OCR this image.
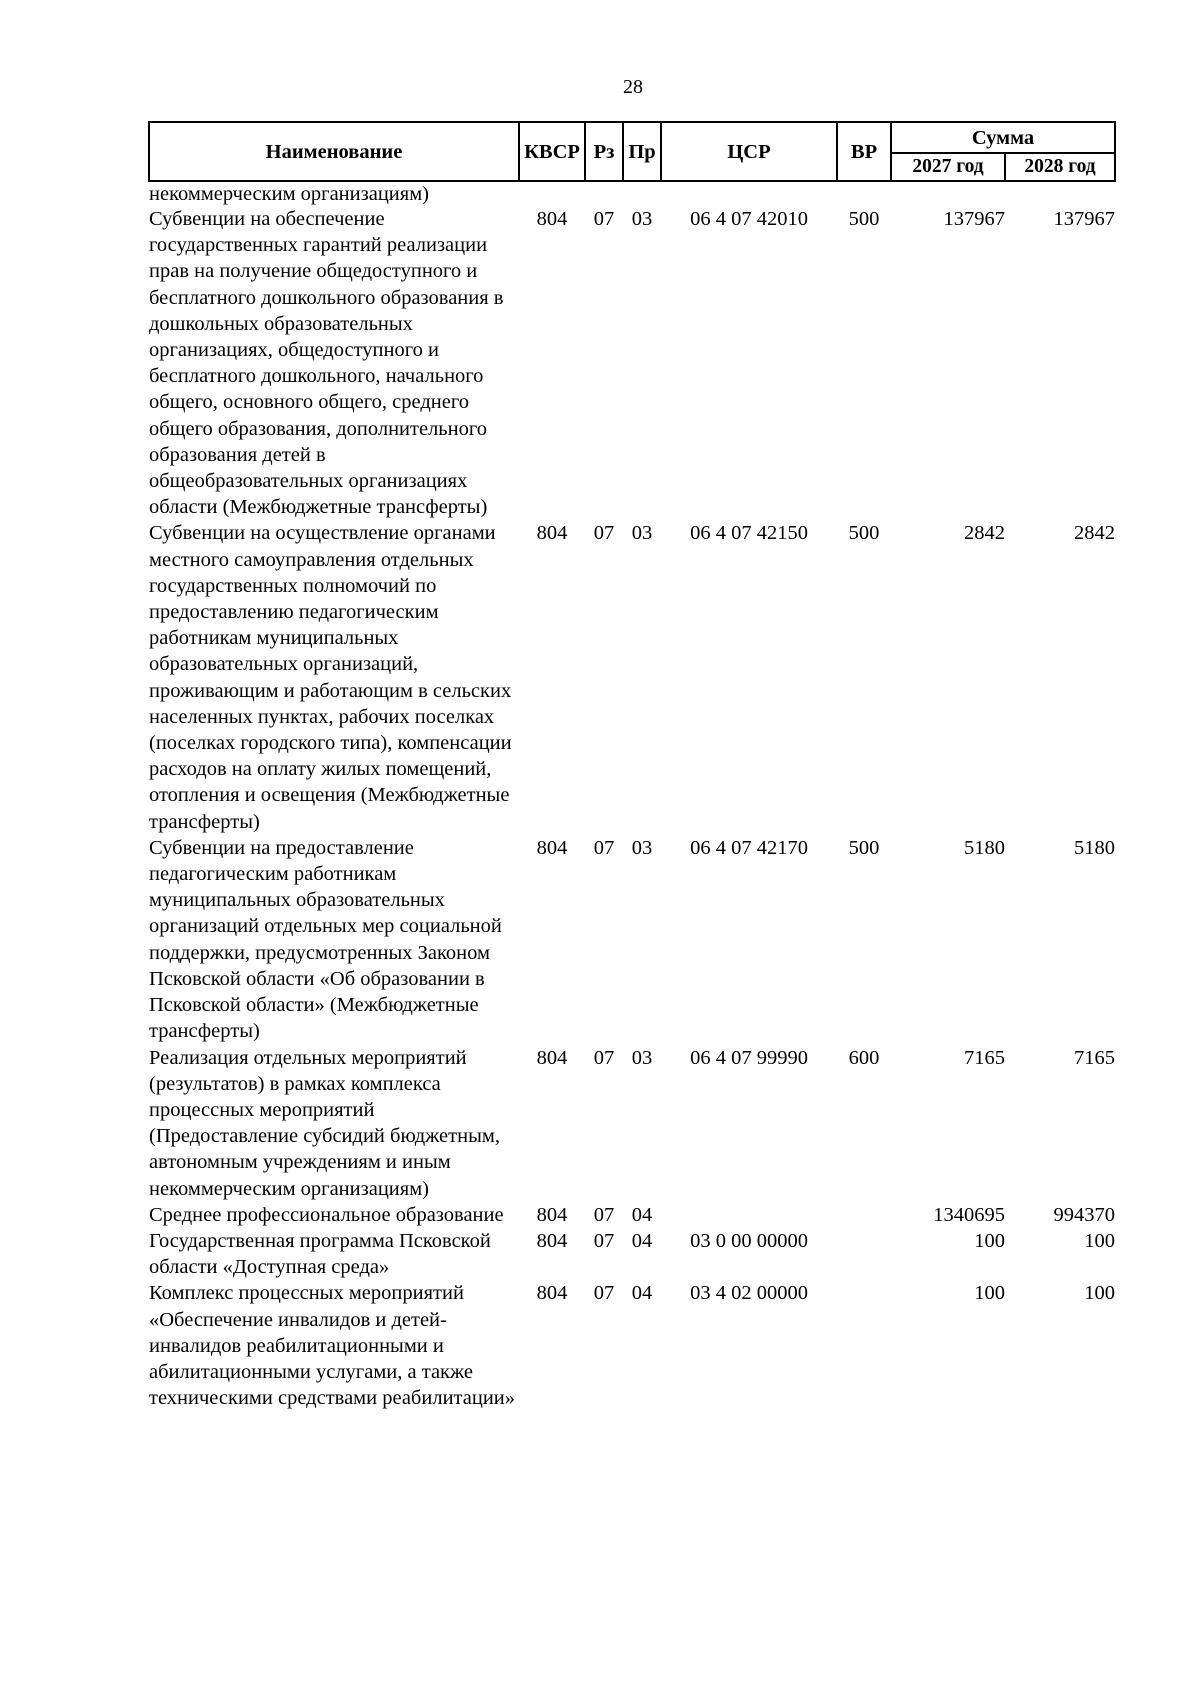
28
Наименование	КВСР	Рз	Пр	ЦСР	ВР	Сумма	
						2027 год	2028 год
некоммерческим организациям)							
Субвенции на обеспечение государственных гарантий реализации прав на получение общедоступного и бесплатного дошкольного образования в дошкольных образовательных организациях, общедоступного и бесплатного дошкольного, начального общего, основного общего, среднего общего образования, дополнительного образования детей в общеобразовательных организациях области (Межбюджетные трансферты)	804	07	03	06 4 07 42010	500	137967	137967
Субвенции на осуществление органами местного самоуправления отдельных государственных полномочий по предоставлению педагогическим работникам муниципальных образовательных организаций, проживающим и работающим в сельских населенных пунктах, рабочих поселках (поселках городского типа), компенсации расходов на оплату жилых помещений, отопления и освещения (Межбюджетные трансферты)	804	07	03	06 4 07 42150	500	2842	2842
Субвенции на предоставление педагогическим работникам муниципальных образовательных организаций отдельных мер социальной поддержки, предусмотренных Законом Псковской области «Об образовании в Псковской области» (Межбюджетные трансферты)	804	07	03	06 4 07 42170	500	5180	5180
Реализация отдельных мероприятий (результатов) в рамках комплекса процессных мероприятий (Предоставление субсидий бюджетным, автономным учреждениям и иным некоммерческим организациям)	804	07	03	06 4 07 99990	600	7165	7165
Среднее профессиональное образование	804	07	04			1340695	994370
Государственная программа Псковской области «Доступная среда»	804	07	04	03 0 00 00000		100	100
Комплекс процессных мероприятий «Обеспечение инвалидов и детей-инвалидов реабилитационными и абилитационными услугами, а также техническими средствами реабилитации»	804	07	04	03 4 02 00000		100	100
